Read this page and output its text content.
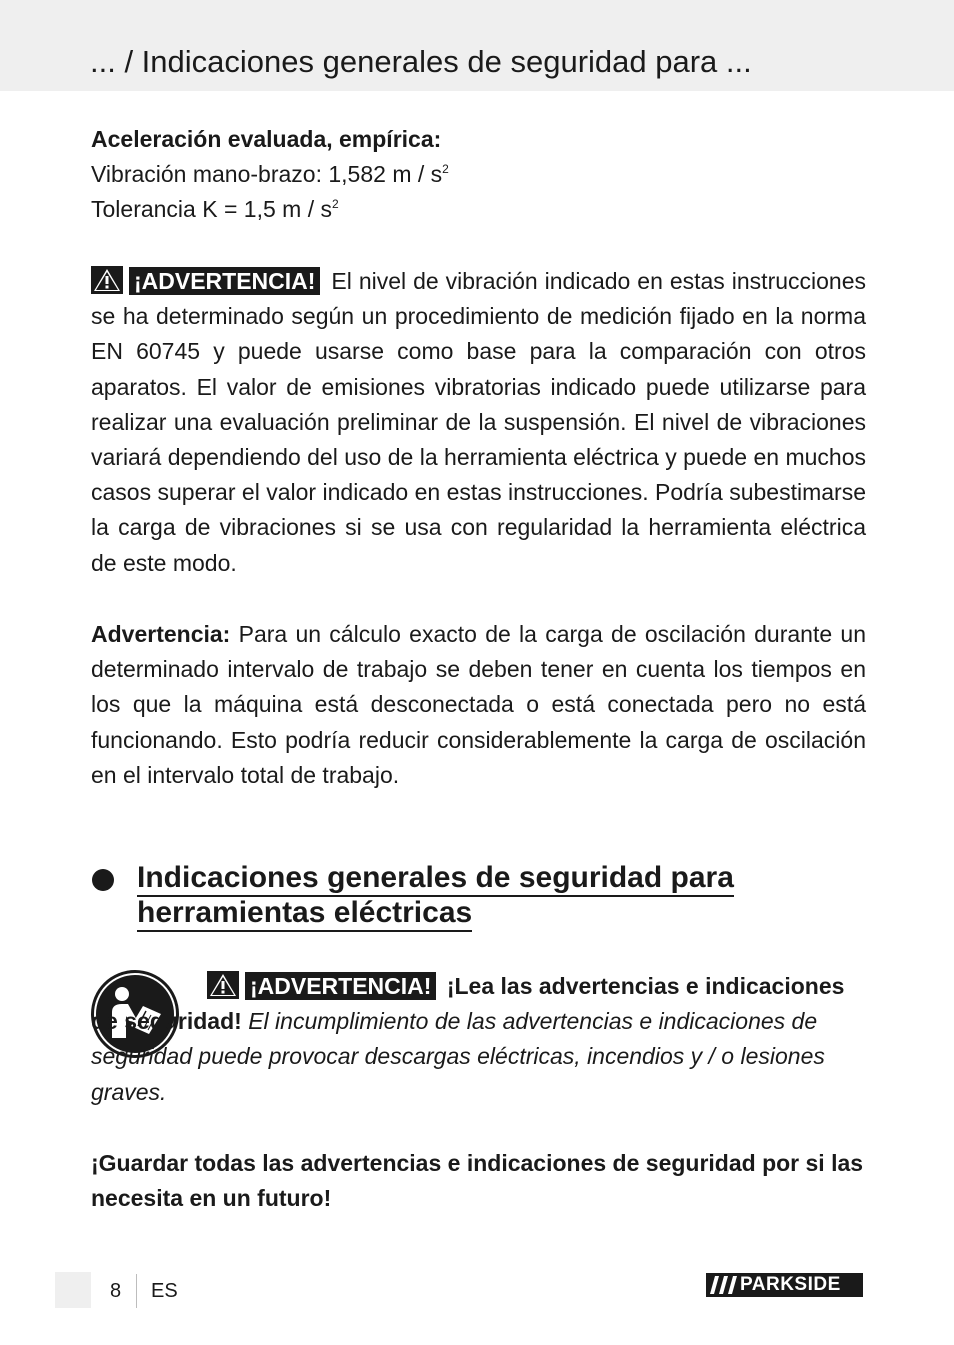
... / Indicaciones generales de seguridad para ...

Aceleración evaluada, empírica:

Vibración mano-brazo: 1,582 m / $s^2$

Tolerancia K = 1,5 m / $s^2$

¡ADVERTENCIA! El nivel de vibración indicado en estas instrucciones se ha determinado según un procedimiento de medición fijado en la norma EN 60745 y puede usarse como base para la comparación con otros aparatos. El valor de emisiones vibratorias indicado puede utilizarse para realizar una evaluación preliminar de la suspensión. El nivel de vibraciones variará dependiendo del uso de la herramienta eléctrica y puede en muchos casos superar el valor indicado en estas instrucciones. Podría subestimarse la carga de vibraciones si se usa con regularidad la herramienta eléctrica de este modo.

Advertencia: Para un cálculo exacto de la carga de oscilación durante un determinado intervalo de trabajo se deben tener en cuenta los tiempos en los que la máquina está desconectada o está conectada pero no está funcionando. Esto podría reducir considerablemente la carga de oscilación en el intervalo total de trabajo.

Indicaciones generales de seguridad para
herramientas eléctricas

¡ADVERTENCIA! ¡Lea las advertencias e indicaciones de seguridad! El incumplimiento de las advertencias e indicaciones de seguridad puede provocar descargas eléctricas, incendios y / o lesiones graves.

¡Guardar todas las advertencias e indicaciones de seguridad por si las necesita en un futuro!

8 ES	PARKSIDE
